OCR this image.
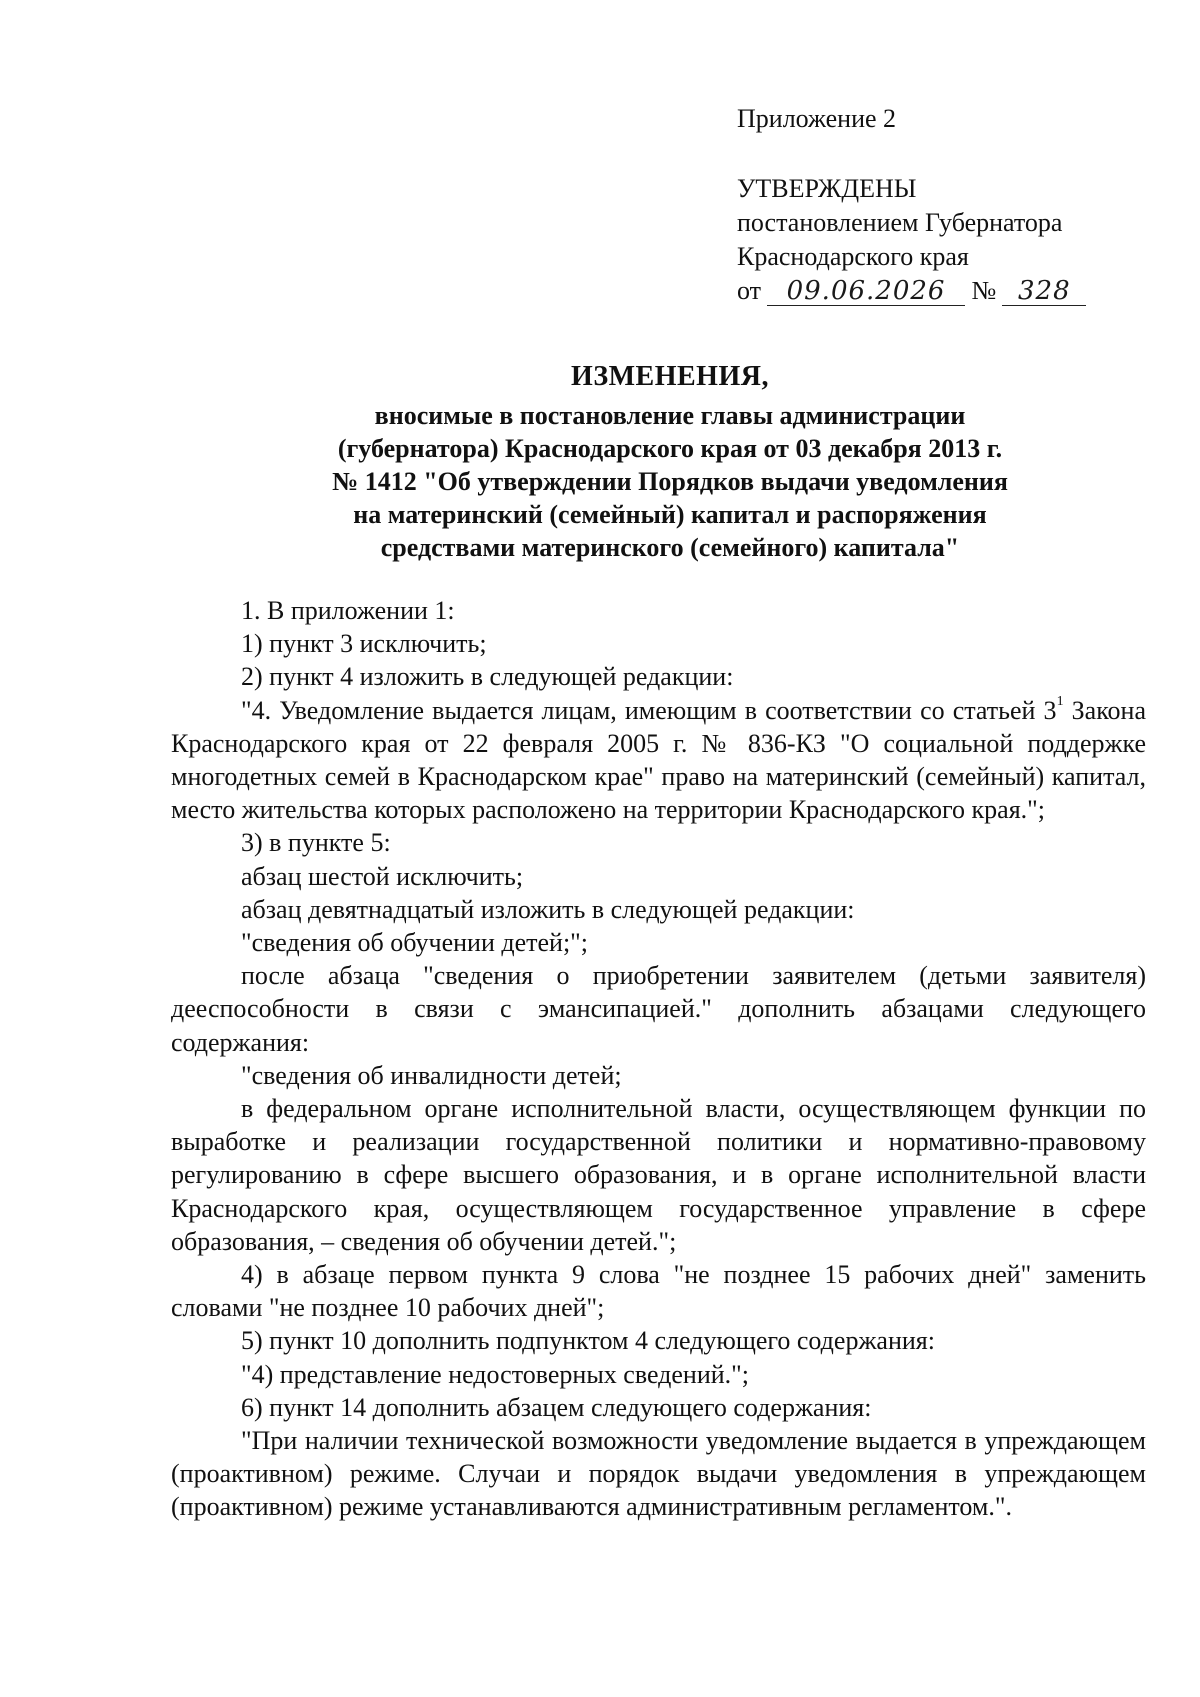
Приложение 2
УТВЕРЖДЕНЫ
постановлением Губернатора
Краснодарского края
от 09.06.2026 № 328
ИЗМЕНЕНИЯ,
вносимые в постановление главы администрации
(губернатора) Краснодарского края от 03 декабря 2013 г.
№ 1412 "Об утверждении Порядков выдачи уведомления
на материнский (семейный) капитал и распоряжения
средствами материнского (семейного) капитала"

1. В приложении 1:

1) пункт 3 исключить;

2) пункт 4 изложить в следующей редакции:

"4. Уведомление выдается лицам, имеющим в соответствии со статьей $3^1$ Закона Краснодарского края от 22 февраля 2005 г. № 836-КЗ "О социальной поддержке многодетных семей в Краснодарском крае" право на материнский (семейный) капитал, место жительства которых расположено на территории Краснодарского края.";

3) в пункте 5:

абзац шестой исключить;

абзац девятнадцатый изложить в следующей редакции:

"сведения об обучении детей;";

после абзаца "сведения о приобретении заявителем (детьми заявителя) дееспособности в связи с эмансипацией." дополнить абзацами следующего содержания:

"сведения об инвалидности детей;

в федеральном органе исполнительной власти, осуществляющем функции по выработке и реализации государственной политики и нормативно-правовому регулированию в сфере высшего образования, и в органе исполнительной власти Краснодарского края, осуществляющем государственное управление в сфере образования, – сведения об обучении детей.";

4) в абзаце первом пункта 9 слова "не позднее 15 рабочих дней" заменить словами "не позднее 10 рабочих дней";

5) пункт 10 дополнить подпунктом 4 следующего содержания:

"4) представление недостоверных сведений.";

6) пункт 14 дополнить абзацем следующего содержания:

"При наличии технической возможности уведомление выдается в упреждающем (проактивном) режиме. Случаи и порядок выдачи уведомления в упреждающем (проактивном) режиме устанавливаются административным регламентом.".
